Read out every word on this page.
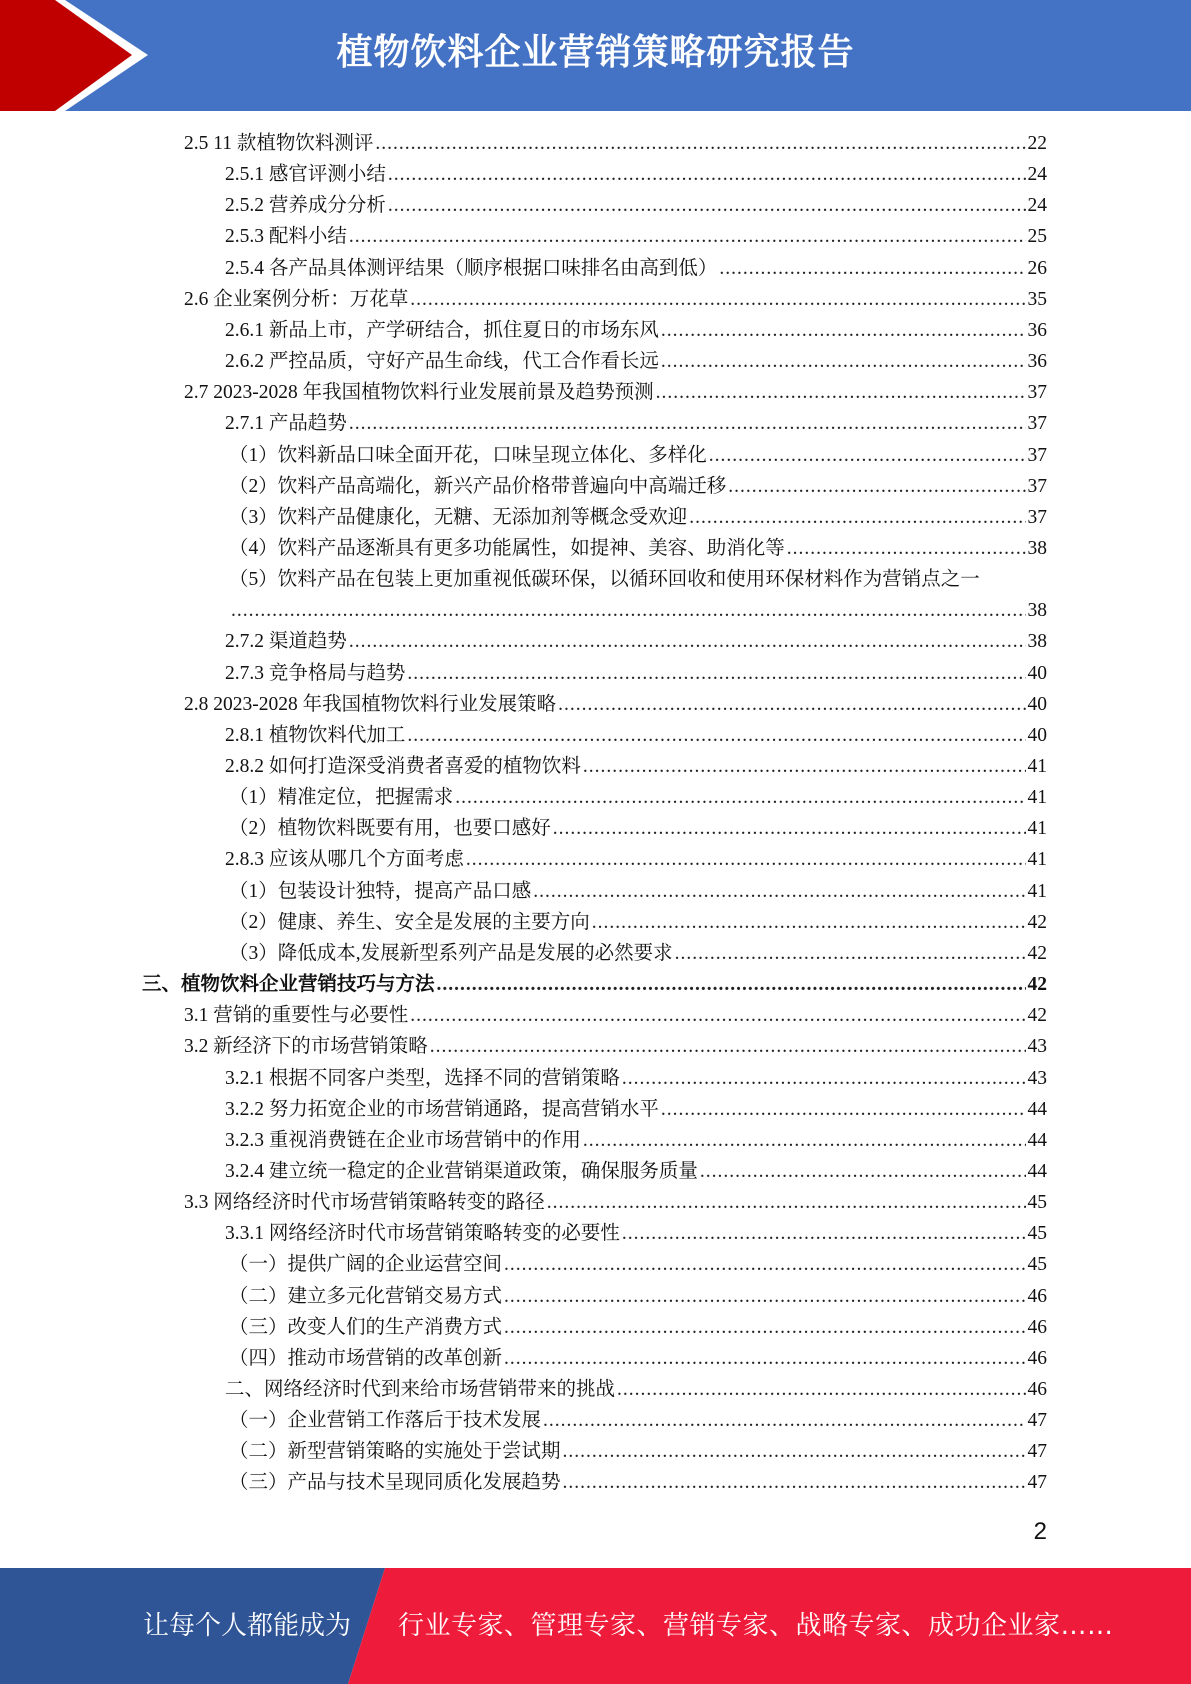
植物饮料企业营销策略研究报告
2.5 11 款植物饮料测评 .....	22
2.5.1 感官评测小结 .....	24
2.5.2 营养成分分析 .....	24
2.5.3 配料小结 .....	25
2.5.4 各产品具体测评结果（顺序根据口味排名由高到低） .....	26
2.6 企业案例分析：万花草 .....	35
2.6.1 新品上市，产学研结合，抓住夏日的市场东风 .....	36
2.6.2 严控品质，守好产品生命线，代工合作看长远 .....	36
2.7 2023-2028 年我国植物饮料行业发展前景及趋势预测 .....	37
2.7.1 产品趋势 .....	37
（1）饮料新品口味全面开花，口味呈现立体化、多样化 .....	37
（2）饮料产品高端化，新兴产品价格带普遍向中高端迁移 .....	37
（3）饮料产品健康化，无糖、无添加剂等概念受欢迎 .....	37
（4）饮料产品逐渐具有更多功能属性，如提神、美容、助消化等 .....	38
（5）饮料产品在包装上更加重视低碳环保，以循环回收和使用环保材料作为营销点之一
.....
38
2.7.2 渠道趋势 .....	38
2.7.3 竞争格局与趋势 .....	40
2.8 2023-2028 年我国植物饮料行业发展策略 .....	40
2.8.1 植物饮料代加工 .....	40
2.8.2 如何打造深受消费者喜爱的植物饮料 .....	41
（1）精准定位，把握需求 .....	41
（2）植物饮料既要有用，也要口感好 .....	41
2.8.3 应该从哪几个方面考虑 .....	41
（1）包装设计独特，提高产品口感 .....	41
（2）健康、养生、安全是发展的主要方向 .....	42
（3）降低成本,发展新型系列产品是发展的必然要求 .....	42
三、植物饮料企业营销技巧与方法 .....	42
3.1 营销的重要性与必要性 .....	42
3.2 新经济下的市场营销策略 .....	43
3.2.1 根据不同客户类型，选择不同的营销策略 .....	43
3.2.2 努力拓宽企业的市场营销通路，提高营销水平 .....	44
3.2.3 重视消费链在企业市场营销中的作用 .....	44
3.2.4 建立统一稳定的企业营销渠道政策，确保服务质量 .....	44
3.3 网络经济时代市场营销策略转变的路径 .....	45
3.3.1 网络经济时代市场营销策略转变的必要性 .....	45
（一）提供广阔的企业运营空间 .....	45
（二）建立多元化营销交易方式 .....	46
（三）改变人们的生产消费方式 .....	46
（四）推动市场营销的改革创新 .....	46
二、网络经济时代到来给市场营销带来的挑战 .....	46
（一）企业营销工作落后于技术发展 .....	47
（二）新型营销策略的实施处于尝试期 .....	47
（三）产品与技术呈现同质化发展趋势 .....	47
2
让每个人都能成为 行业专家、管理专家、营销专家、战略专家、成功企业家……
